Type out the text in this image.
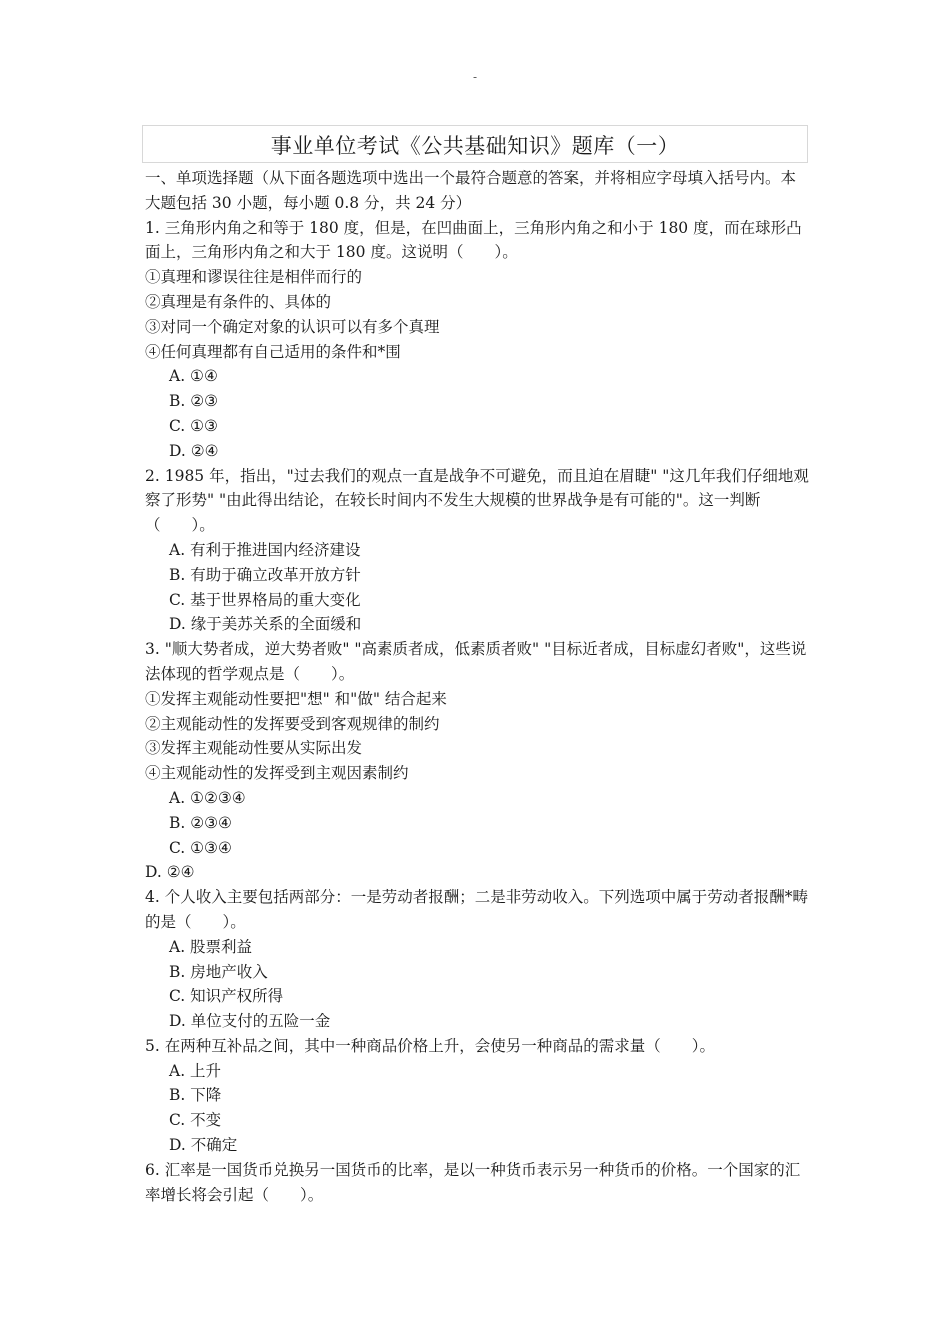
-
事业单位考试《公共基础知识》题库（一）

一、单项选择题（从下面各题选项中选出一个最符合题意的答案，并将相应字母填入括号内。本大题包括 30 小题，每小题 0.8 分，共 24 分）

1. 三角形内角之和等于 180 度，但是，在凹曲面上，三角形内角之和小于 180 度，而在球形凸面上，三角形内角之和大于 180 度。这说明（　　）。

①真理和谬误往往是相伴而行的

②真理是有条件的、具体的

③对同一个确定对象的认识可以有多个真理

④任何真理都有自己适用的条件和*围

A. ①④

B. ②③

C. ①③

D. ②④

2. 1985 年，指出，"过去我们的观点一直是战争不可避免，而且迫在眉睫" "这几年我们仔细地观察了形势" "由此得出结论，在较长时间内不发生大规模的世界战争是有可能的"。这一判断（　　）。

A. 有利于推进国内经济建设

B. 有助于确立改革开放方针

C. 基于世界格局的重大变化

D. 缘于美苏关系的全面缓和

3. "顺大势者成，逆大势者败" "高素质者成，低素质者败" "目标近者成，目标虚幻者败"，这些说法体现的哲学观点是（　　）。

①发挥主观能动性要把"想" 和"做" 结合起来

②主观能动性的发挥要受到客观规律的制约

③发挥主观能动性要从实际出发

④主观能动性的发挥受到主观因素制约

A. ①②③④

B. ②③④

C. ①③④

D. ②④

4. 个人收入主要包括两部分：一是劳动者报酬；二是非劳动收入。下列选项中属于劳动者报酬*畴的是（　　）。

A. 股票利益

B. 房地产收入

C. 知识产权所得

D. 单位支付的五险一金

5. 在两种互补品之间，其中一种商品价格上升，会使另一种商品的需求量（　　）。

A. 上升

B. 下降

C. 不变

D. 不确定

6. 汇率是一国货币兑换另一国货币的比率，是以一种货币表示另一种货币的价格。一个国家的汇率增长将会引起（　　）。
